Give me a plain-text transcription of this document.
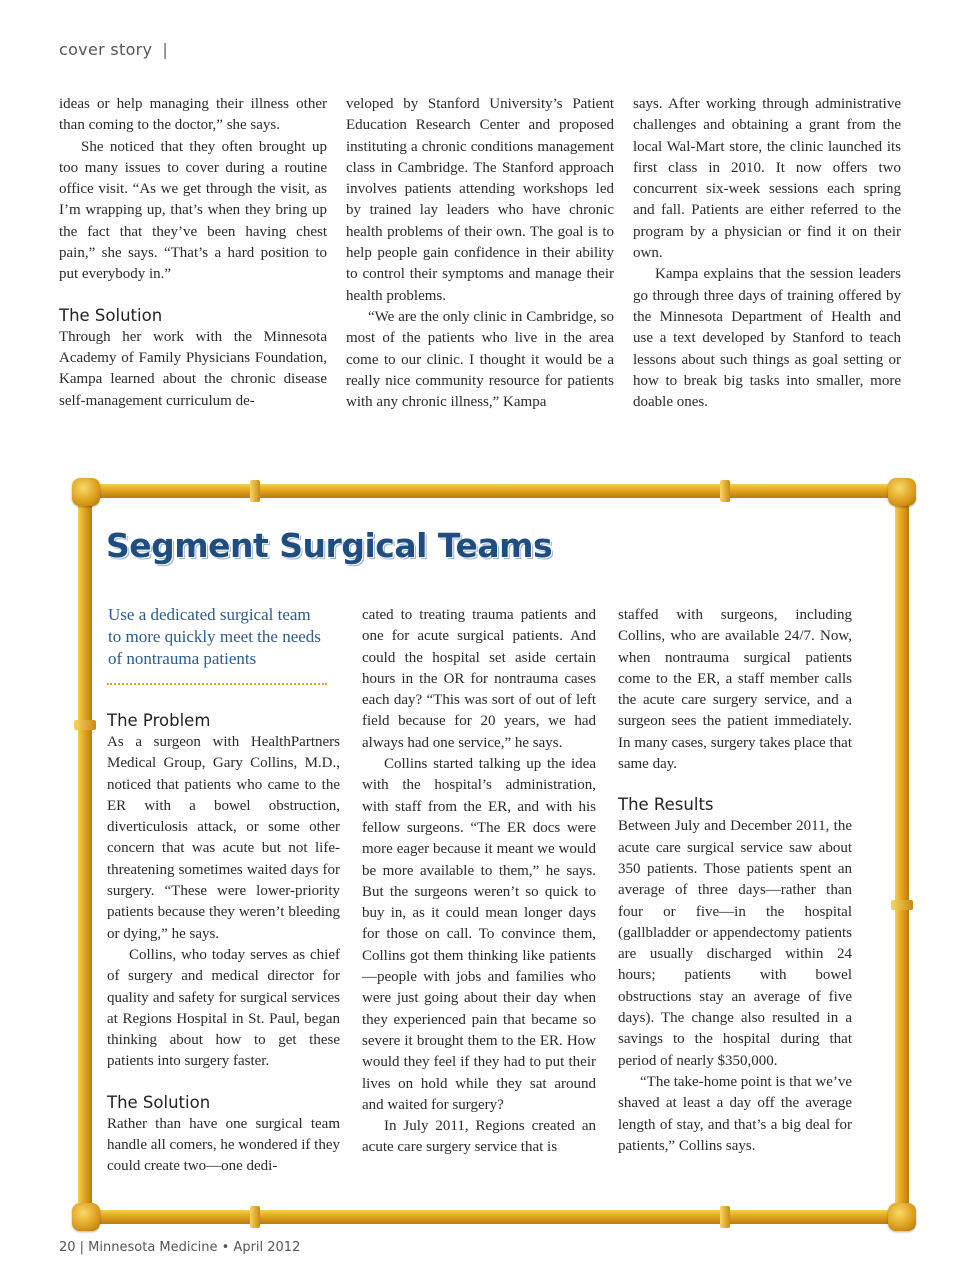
cover story |

ideas or help managing their illness other than coming to the doctor,” she says.

She noticed that they often brought up too many issues to cover during a routine office visit. “As we get through the visit, as I’m wrapping up, that’s when they bring up the fact that they’ve been having chest pain,” she says. “That’s a hard position to put everybody in.”

The Solution

Through her work with the Minnesota Academy of Family Physicians Foundation, Kampa learned about the chronic disease self-management curriculum de-

veloped by Stanford University’s Patient Education Research Center and proposed instituting a chronic conditions management class in Cambridge. The Stanford approach involves patients attending workshops led by trained lay leaders who have chronic health problems of their own. The goal is to help people gain confidence in their ability to control their symptoms and manage their health problems.

“We are the only clinic in Cambridge, so most of the patients who live in the area come to our clinic. I thought it would be a really nice community resource for patients with any chronic illness,” Kampa

says. After working through administrative challenges and obtaining a grant from the local Wal-Mart store, the clinic launched its first class in 2010. It now offers two concurrent six-week sessions each spring and fall. Patients are either referred to the program by a physician or find it on their own.

Kampa explains that the session leaders go through three days of training offered by the Minnesota Department of Health and use a text developed by Stanford to teach lessons about such things as goal setting or how to break big tasks into smaller, more doable ones.

Segment Surgical Teams
Use a dedicated surgical team to more quickly meet the needs of nontrauma patients
The Problem

As a surgeon with HealthPartners Medical Group, Gary Collins, M.D., noticed that patients who came to the ER with a bowel obstruction, diverticulosis attack, or some other concern that was acute but not life-threatening sometimes waited days for surgery. “These were lower-priority patients because they weren’t bleeding or dying,” he says.

Collins, who today serves as chief of surgery and medical director for quality and safety for surgical services at Regions Hospital in St. Paul, began thinking about how to get these patients into surgery faster.

The Solution

Rather than have one surgical team handle all comers, he wondered if they could create two—one dedi-

cated to treating trauma patients and one for acute surgical patients. And could the hospital set aside certain hours in the OR for nontrauma cases each day? “This was sort of out of left field because for 20 years, we had always had one service,” he says.

Collins started talking up the idea with the hospital’s administration, with staff from the ER, and with his fellow surgeons. “The ER docs were more eager because it meant we would be more available to them,” he says. But the surgeons weren’t so quick to buy in, as it could mean longer days for those on call. To convince them, Collins got them thinking like patients—people with jobs and families who were just going about their day when they experienced pain that became so severe it brought them to the ER. How would they feel if they had to put their lives on hold while they sat around and waited for surgery?

In July 2011, Regions created an acute care surgery service that is

staffed with surgeons, including Collins, who are available 24/7. Now, when nontrauma surgical patients come to the ER, a staff member calls the acute care surgery service, and a surgeon sees the patient immediately. In many cases, surgery takes place that same day.

The Results

Between July and December 2011, the acute care surgical service saw about 350 patients. Those patients spent an average of three days—rather than four or five—in the hospital (gallbladder or appendectomy patients are usually discharged within 24 hours; patients with bowel obstructions stay an average of five days). The change also resulted in a savings to the hospital during that period of nearly $350,000.

“The take-home point is that we’ve shaved at least a day off the average length of stay, and that’s a big deal for patients,” Collins says.

20 | Minnesota Medicine • April 2012
